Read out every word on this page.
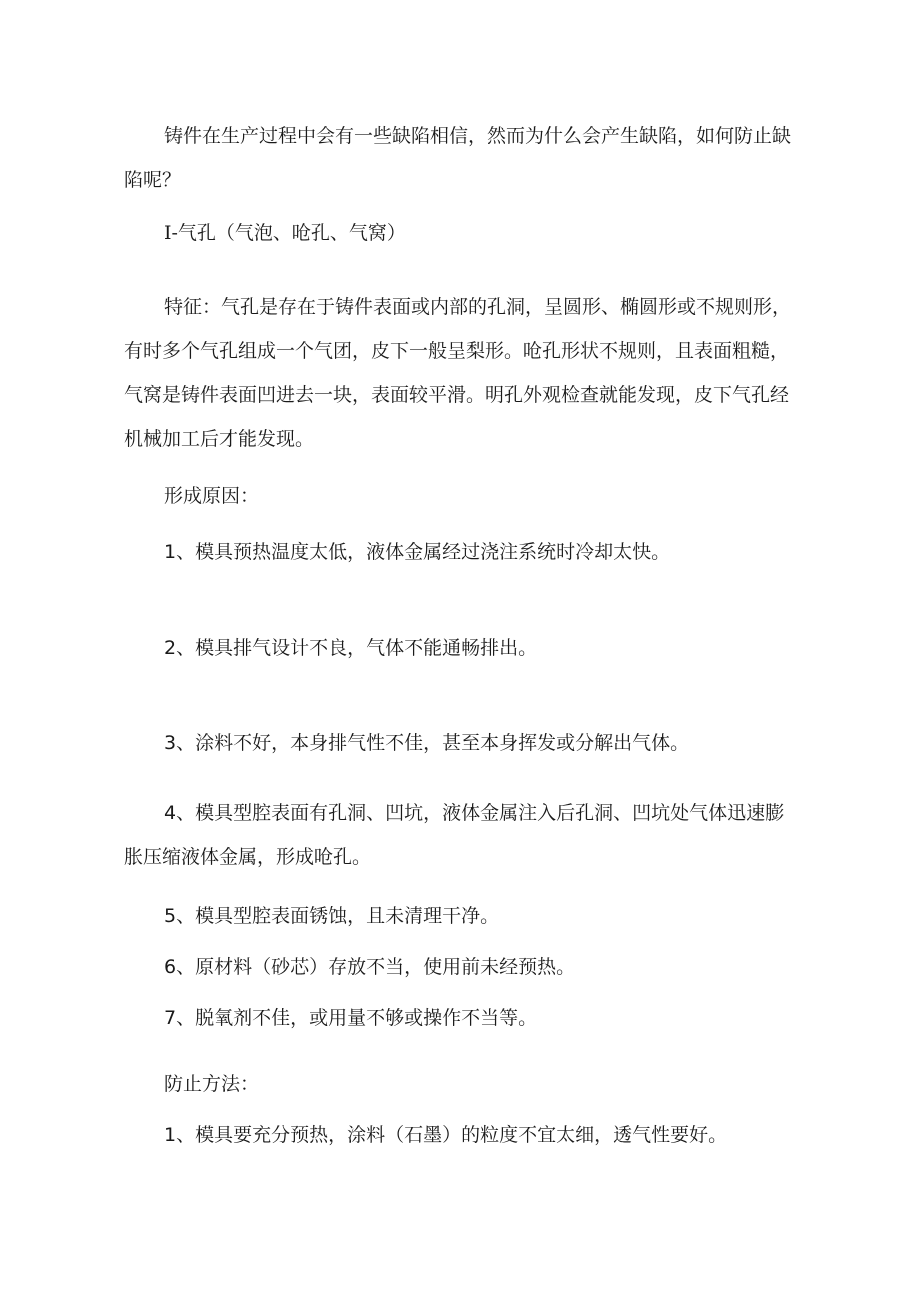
铸件在生产过程中会有一些缺陷相信，然而为什么会产生缺陷，如何防止缺陷呢？

I-气孔（气泡、呛孔、气窝）

特征：气孔是存在于铸件表面或内部的孔洞，呈圆形、椭圆形或不规则形，有时多个气孔组成一个气团，皮下一般呈梨形。呛孔形状不规则，且表面粗糙，气窝是铸件表面凹进去一块，表面较平滑。明孔外观检查就能发现，皮下气孔经机械加工后才能发现。

形成原因：

1、模具预热温度太低，液体金属经过浇注系统时冷却太快。

2、模具排气设计不良，气体不能通畅排出。

3、涂料不好，本身排气性不佳，甚至本身挥发或分解出气体。

4、模具型腔表面有孔洞、凹坑，液体金属注入后孔洞、凹坑处气体迅速膨胀压缩液体金属，形成呛孔。

5、模具型腔表面锈蚀，且未清理干净。

6、原材料（砂芯）存放不当，使用前未经预热。

7、脱氧剂不佳，或用量不够或操作不当等。

防止方法：

1、模具要充分预热，涂料（石墨）的粒度不宜太细，透气性要好。
